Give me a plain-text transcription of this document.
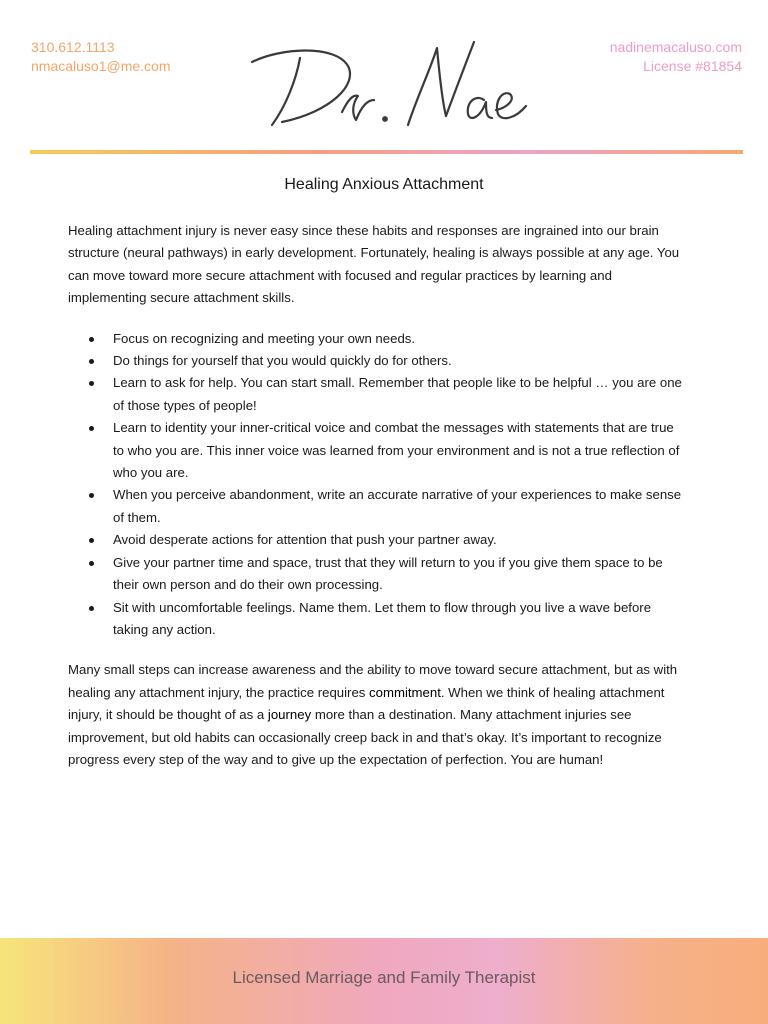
310.612.1113
nmacaluso1@me.com
nadinemacaluso.com
License #81854
Healing Anxious Attachment

Healing attachment injury is never easy since these habits and responses are ingrained into our brain structure (neural pathways) in early development. Fortunately, healing is always possible at any age. You can move toward more secure attachment with focused and regular practices by learning and implementing secure attachment skills.

Focus on recognizing and meeting your own needs.
Do things for yourself that you would quickly do for others.
Learn to ask for help. You can start small. Remember that people like to be helpful … you are one of those types of people!
Learn to identity your inner-critical voice and combat the messages with statements that are true to who you are. This inner voice was learned from your environment and is not a true reflection of who you are.
When you perceive abandonment, write an accurate narrative of your experiences to make sense of them.
Avoid desperate actions for attention that push your partner away.
Give your partner time and space, trust that they will return to you if you give them space to be their own person and do their own processing.
Sit with uncomfortable feelings. Name them. Let them to flow through you live a wave before taking any action.

Many small steps can increase awareness and the ability to move toward secure attachment, but as with healing any attachment injury, the practice requires commitment. When we think of healing attachment injury, it should be thought of as a journey more than a destination. Many attachment injuries see improvement, but old habits can occasionally creep back in and that’s okay. It’s important to recognize progress every step of the way and to give up the expectation of perfection. You are human!

Licensed Marriage and Family Therapist
